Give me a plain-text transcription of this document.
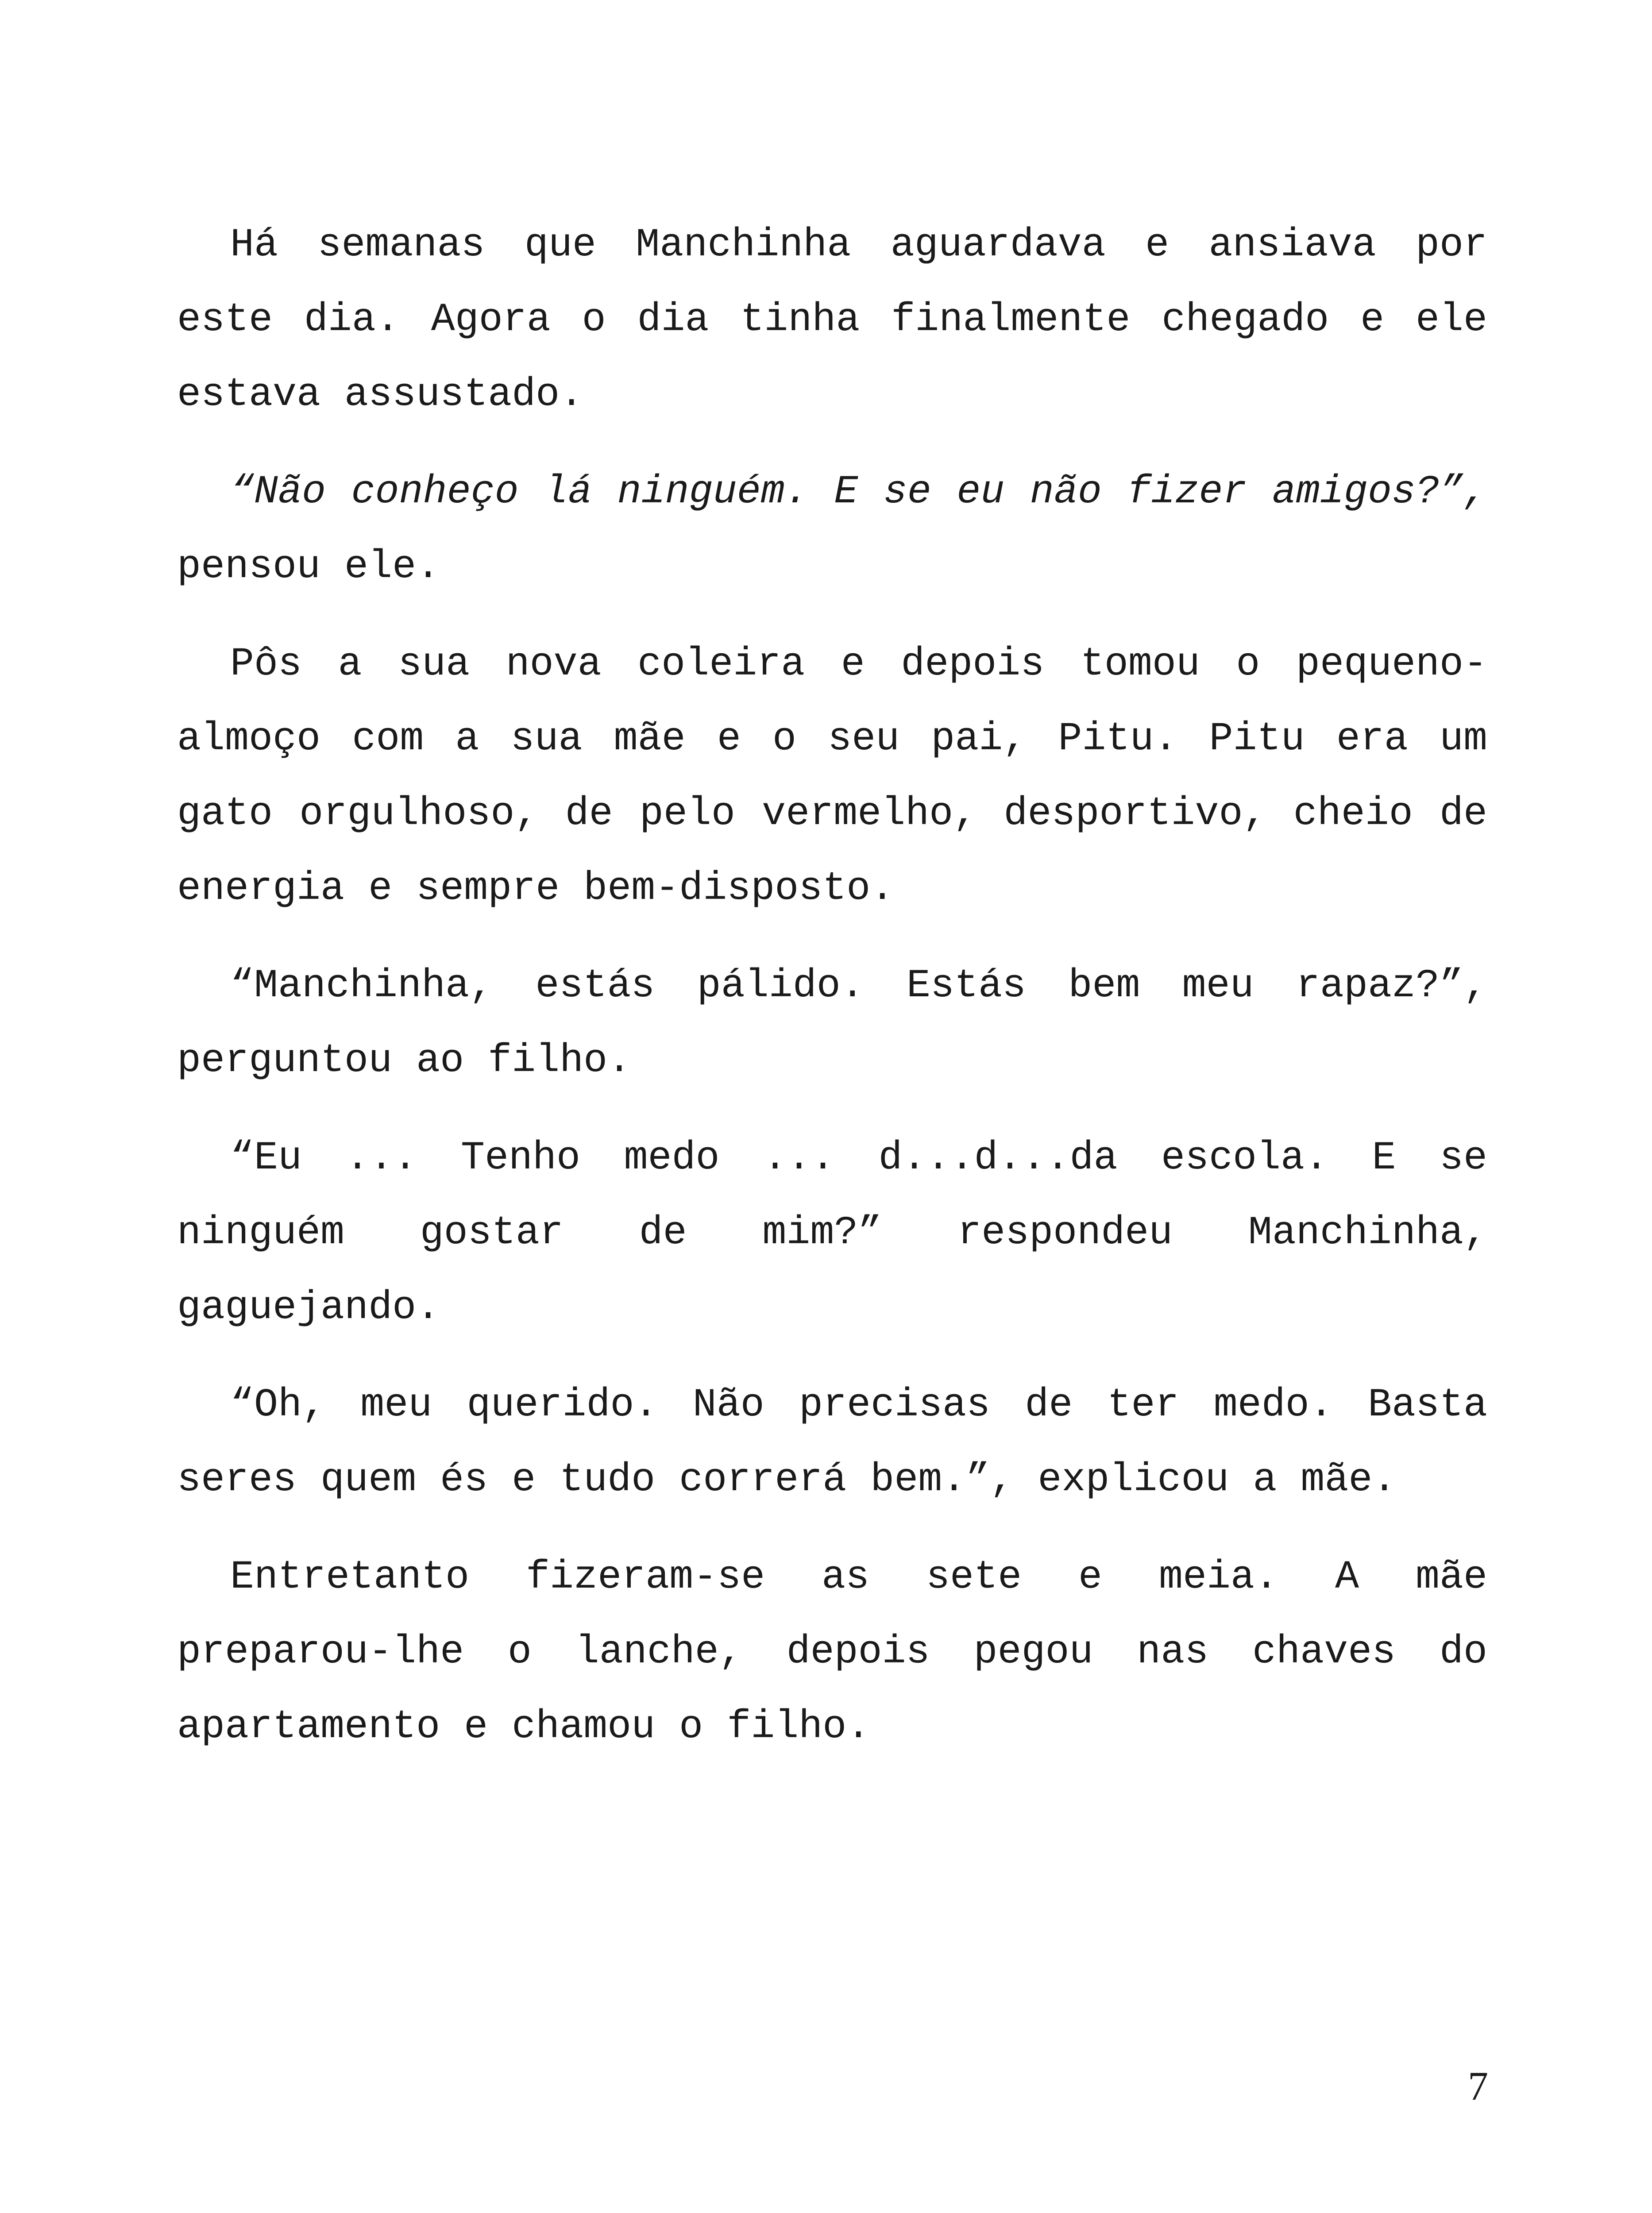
Há semanas que Manchinha aguardava e ansiava por este dia. Agora o dia tinha finalmente chegado e ele estava assustado.

“Não conheço lá ninguém. E se eu não fizer amigos?”, pensou ele.

Pôs a sua nova coleira e depois tomou o pequeno-almoço com a sua mãe e o seu pai, Pitu. Pitu era um gato orgulhoso, de pelo vermelho, desportivo, cheio de energia e sempre bem-disposto.

“Manchinha, estás pálido. Estás bem meu rapaz?”, perguntou ao filho.

“Eu ... Tenho medo ... d...d...da escola. E se ninguém gostar de mim?” respondeu Manchinha, gaguejando.

“Oh, meu querido. Não precisas de ter medo. Basta seres quem és e tudo correrá bem.”, explicou a mãe.

Entretanto fizeram-se as sete e meia. A mãe preparou-lhe o lanche, depois pegou nas chaves do apartamento e chamou o filho.

7
